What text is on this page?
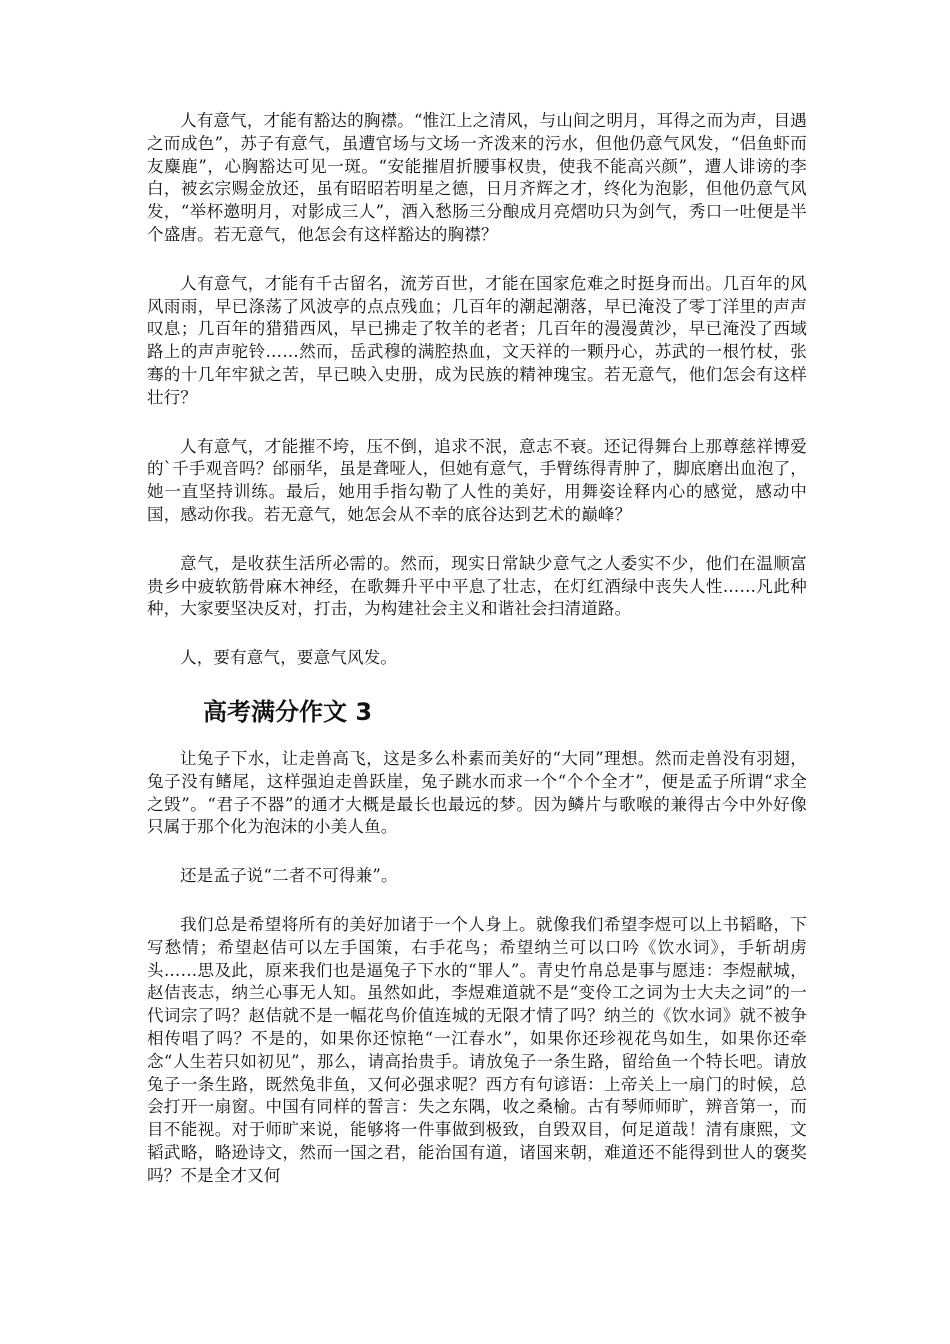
人有意气，才能有豁达的胸襟。“惟江上之清风，与山间之明月，耳得之而为声，目遇之而成色”，苏子有意气，虽遭官场与文场一齐泼来的污水，但他仍意气风发，“侣鱼虾而友麋鹿”，心胸豁达可见一斑。“安能摧眉折腰事权贵，使我不能高兴颜”，遭人诽谤的李白，被玄宗赐金放还，虽有昭昭若明星之德，日月齐辉之才，终化为泡影，但他仍意气风发，“举杯邀明月，对影成三人”，酒入愁肠三分酿成月亮熠叻只为剑气，秀口一吐便是半个盛唐。若无意气，他怎会有这样豁达的胸襟？

人有意气，才能有千古留名，流芳百世，才能在国家危难之时挺身而出。几百年的风风雨雨，早已涤荡了风波亭的点点残血；几百年的潮起潮落，早已淹没了零丁洋里的声声叹息；几百年的猎猎西风，早已拂走了牧羊的老者；几百年的漫漫黄沙，早已淹没了西域路上的声声驼铃……然而，岳武穆的满腔热血，文天祥的一颗丹心，苏武的一根竹杖，张骞的十几年牢狱之苦，早已映入史册，成为民族的精神瑰宝。若无意气，他们怎会有这样壮行？

人有意气，才能摧不垮，压不倒，追求不泯，意志不衰。还记得舞台上那尊慈祥博爱的`千手观音吗？邰丽华，虽是聋哑人，但她有意气，手臂练得青肿了，脚底磨出血泡了，她一直坚持训练。最后，她用手指勾勒了人性的美好，用舞姿诠释内心的感觉，感动中国，感动你我。若无意气，她怎会从不幸的底谷达到艺术的巅峰？

意气，是收获生活所必需的。然而，现实日常缺少意气之人委实不少，他们在温顺富贵乡中疲软筋骨麻木神经，在歌舞升平中平息了壮志，在灯红酒绿中丧失人性……凡此种种，大家要坚决反对，打击，为构建社会主义和谐社会扫清道路。

人，要有意气，要意气风发。

高考满分作文 3

让兔子下水，让走兽高飞，这是多么朴素而美好的“大同”理想。然而走兽没有羽翅，兔子没有鳍尾，这样强迫走兽跃崖，兔子跳水而求一个“个个全才”，便是孟子所谓“求全之毁”。“君子不器”的通才大概是最长也最远的梦。因为鳞片与歌喉的兼得古今中外好像只属于那个化为泡沫的小美人鱼。

还是孟子说“二者不可得兼”。

我们总是希望将所有的美好加诸于一个人身上。就像我们希望李煜可以上书韬略，下写愁情；希望赵佶可以左手国策，右手花鸟；希望纳兰可以口吟《饮水词》，手斩胡虏头……思及此，原来我们也是逼兔子下水的“罪人”。青史竹帛总是事与愿违：李煜献城，赵佶丧志，纳兰心事无人知。虽然如此，李煜难道就不是“变伶工之词为士大夫之词”的一代词宗了吗？赵佶就不是一幅花鸟价值连城的无限才情了吗？纳兰的《饮水词》就不被争相传唱了吗？不是的，如果你还惊艳“一江春水”，如果你还珍视花鸟如生，如果你还牵念“人生若只如初见”，那么，请高抬贵手。请放兔子一条生路，留给鱼一个特长吧。请放兔子一条生路，既然兔非鱼，又何必强求呢？西方有句谚语：上帝关上一扇门的时候，总会打开一扇窗。中国有同样的誓言：失之东隅，收之桑榆。古有琴师师旷，辨音第一，而目不能视。对于师旷来说，能够将一件事做到极致，自毁双目，何足道哉！清有康熙，文韬武略，略逊诗文，然而一国之君，能治国有道，诸国来朝，难道还不能得到世人的褒奖吗？不是全才又何
